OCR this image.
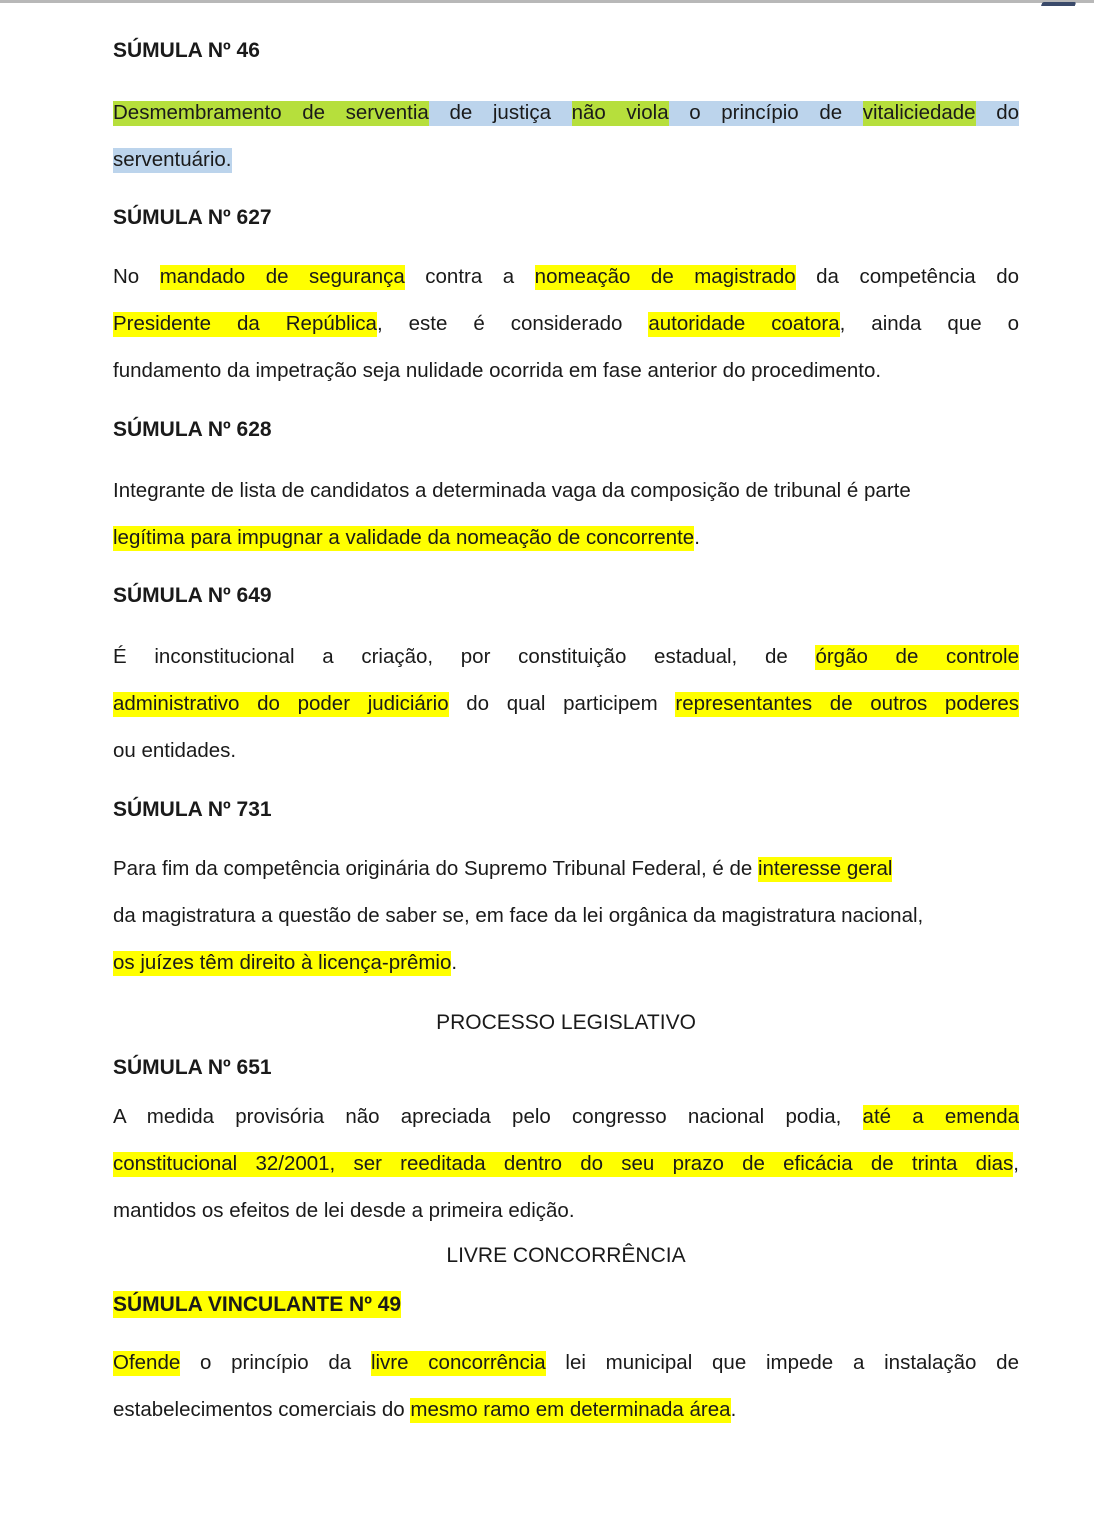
SÚMULA Nº 46
Desmembramento de serventia de justiça não viola o princípio de vitaliciedade do
serventuário.
SÚMULA Nº 627
No mandado de segurança contra a nomeação de magistrado da competência do
Presidente da República, este é considerado autoridade coatora, ainda que o
fundamento da impetração seja nulidade ocorrida em fase anterior do procedimento.
SÚMULA Nº 628
Integrante de lista de candidatos a determinada vaga da composição de tribunal é parte
legítima para impugnar a validade da nomeação de concorrente.
SÚMULA Nº 649
É inconstitucional a criação, por constituição estadual, de órgão de controle
administrativo do poder judiciário do qual participem representantes de outros poderes
ou entidades.
SÚMULA Nº 731
Para fim da competência originária do Supremo Tribunal Federal, é de interesse geral
da magistratura a questão de saber se, em face da lei orgânica da magistratura nacional,
os juízes têm direito à licença-prêmio.
PROCESSO LEGISLATIVO
SÚMULA Nº 651
A medida provisória não apreciada pelo congresso nacional podia, até a emenda
constitucional 32/2001, ser reeditada dentro do seu prazo de eficácia de trinta dias,
mantidos os efeitos de lei desde a primeira edição.
LIVRE CONCORRÊNCIA
SÚMULA VINCULANTE Nº 49
Ofende o princípio da livre concorrência lei municipal que impede a instalação de
estabelecimentos comerciais do mesmo ramo em determinada área.
